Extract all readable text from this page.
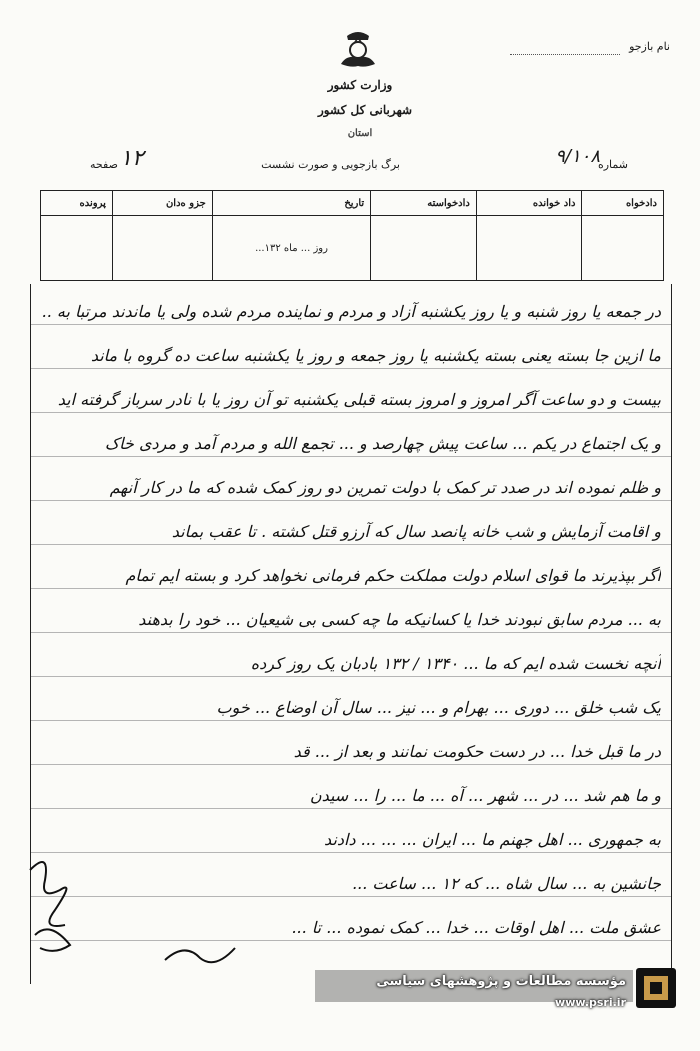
وزارت کشور
شهربانی کل کشور
استان
نام بازجو
شماره
۹/۱۰۸
برگ بازجویی و صورت نشست
۱۲
صفحه
دادخواه	داد خوانده	دادخواسته	تاریخ	جزو ه‌دان	پرونده
			روز ... ماه ۱۳۲...		
در جمعه یا روز شنبه و یا روز یکشنبه آزاد و مردم و نماینده مردم شده ولی یا ماندند مرتبا به ..
ما ازین جا بسته یعنی بسته یکشنبه یا روز جمعه و روز یا یکشنبه ساعت ده گروه با ماند
بیست و دو ساعت آگر امروز و امروز بسته قبلی یکشنبه تو آن روز یا با نادر سرباز گرفته اید
و یک اجتماع در یکم ... ساعت پیش چهارصد و ... تجمع الله و مردم آمد و مردی خاک
و ظلم نموده اند در صدد تر کمک با دولت تمرین دو روز کمک شده که ما در کار آنهم
و اقامت آزمایش و شب خانه پانصد سال که آرزو قتل کشته . تا عقب بماند
اگر بپذیرند ما قوای اسلام دولت مملکت حکم فرمانی نخواهد کرد و بسته ایم تمام
به ... مردم سابق نبودند خدا یا کسانیکه ما چه کسی بی شیعیان ... خود را بدهند
آنچه نخست شده ایم که ما ... ۱۳۴۰ / ۱۳۲ بادبان یک روز کرده
یک شب خلق ... دوری ... بهرام و ... نیز ... سال آن اوضاع ... خوب
در ما قبل خدا ... در دست حکومت نمانند و بعد از ... قد
و ما هم شد ... در ... شهر ... آه ... ما ... را ... سیدن
به جمهوری ... اهل جهنم ما ... ایران ... ... ... دادند
جانشین به ... سال شاه ... که ۱۲ ... ساعت ...
عشق ملت ... اهل اوقات ... خدا ... کمک نموده ... تا ...
مؤسسه مطالعات و پژوهشهای سیاسی
www.psri.ir
